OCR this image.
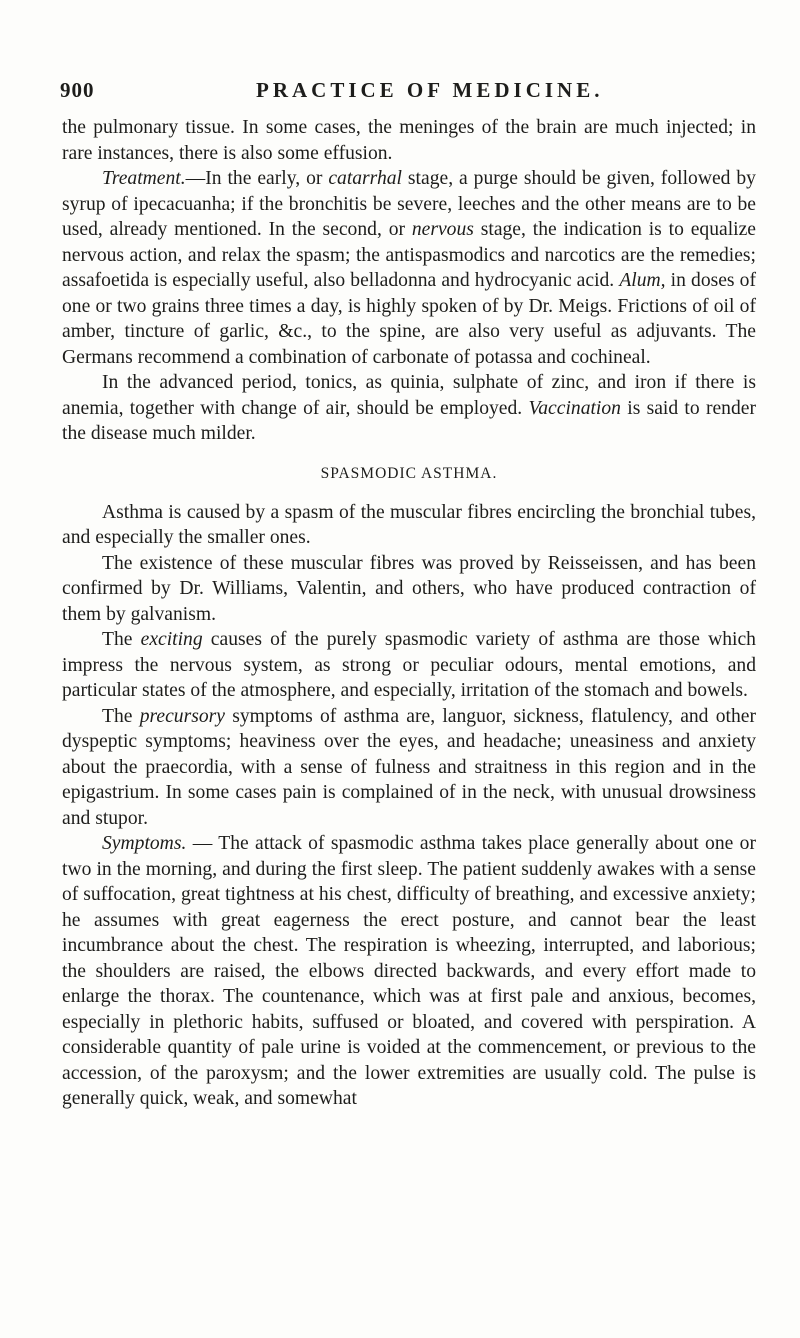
900	PRACTICE OF MEDICINE.

the pulmonary tissue. In some cases, the meninges of the brain are much injected; in rare instances, there is also some effusion.

Treatment.—In the early, or catarrhal stage, a purge should be given, followed by syrup of ipecacuanha; if the bronchitis be severe, leeches and the other means are to be used, already mentioned. In the second, or nervous stage, the indication is to equalize nervous action, and relax the spasm; the antispasmodics and narcotics are the remedies; assafoetida is especially useful, also belladonna and hydrocyanic acid. Alum, in doses of one or two grains three times a day, is highly spoken of by Dr. Meigs. Frictions of oil of amber, tincture of garlic, &c., to the spine, are also very useful as adjuvants. The Germans recommend a combination of carbonate of potassa and cochineal.

In the advanced period, tonics, as quinia, sulphate of zinc, and iron if there is anemia, together with change of air, should be employed. Vaccination is said to render the disease much milder.

SPASMODIC ASTHMA.

Asthma is caused by a spasm of the muscular fibres encircling the bronchial tubes, and especially the smaller ones.

The existence of these muscular fibres was proved by Reisseissen, and has been confirmed by Dr. Williams, Valentin, and others, who have produced contraction of them by galvanism.

The exciting causes of the purely spasmodic variety of asthma are those which impress the nervous system, as strong or peculiar odours, mental emotions, and particular states of the atmosphere, and especially, irritation of the stomach and bowels.

The precursory symptoms of asthma are, languor, sickness, flatulency, and other dyspeptic symptoms; heaviness over the eyes, and headache; uneasiness and anxiety about the praecordia, with a sense of fulness and straitness in this region and in the epigastrium. In some cases pain is complained of in the neck, with unusual drowsiness and stupor.

Symptoms. — The attack of spasmodic asthma takes place generally about one or two in the morning, and during the first sleep. The patient suddenly awakes with a sense of suffocation, great tightness at his chest, difficulty of breathing, and excessive anxiety; he assumes with great eagerness the erect posture, and cannot bear the least incumbrance about the chest. The respiration is wheezing, interrupted, and laborious; the shoulders are raised, the elbows directed backwards, and every effort made to enlarge the thorax. The countenance, which was at first pale and anxious, becomes, especially in plethoric habits, suffused or bloated, and covered with perspiration. A considerable quantity of pale urine is voided at the commencement, or previous to the accession, of the paroxysm; and the lower extremities are usually cold. The pulse is generally quick, weak, and somewhat
